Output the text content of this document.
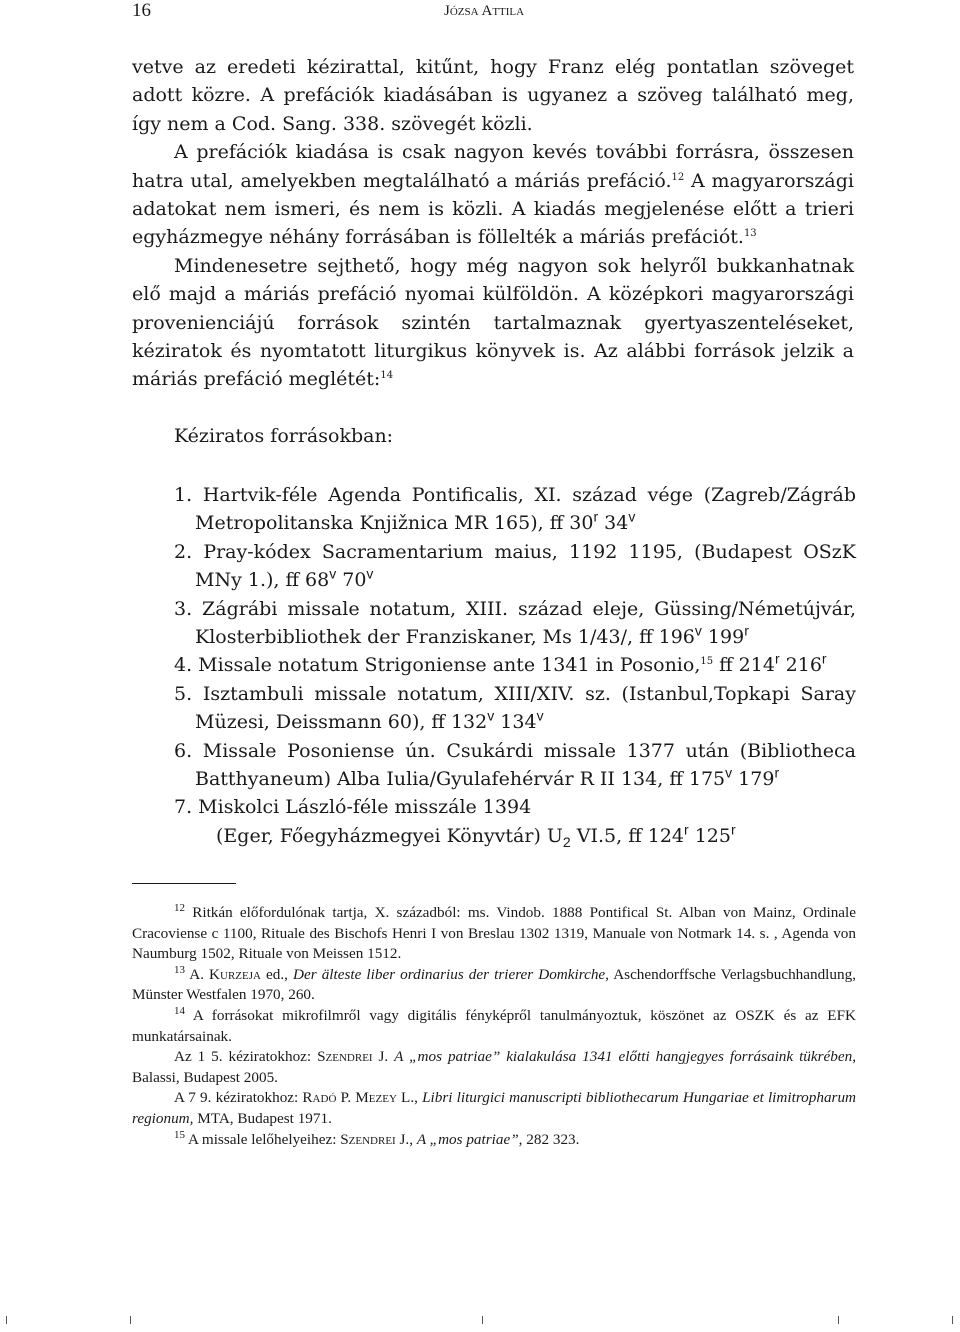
16	Józsa Attila

vetve az eredeti kézirattal, kitűnt, hogy Franz elég pontatlan szöveget adott közre. A prefációk kiadásában is ugyanez a szöveg található meg, így nem a Cod. Sang. 338. szövegét közli.

A prefációk kiadása is csak nagyon kevés további forrásra, összesen hatra utal, amelyekben megtalálható a máriás prefáció.$^{12}$ A magyarországi adatokat nem ismeri, és nem is közli. A kiadás megjelenése előtt a trieri egyházmegye néhány forrásában is föllelték a máriás prefációt.$^{13}$

Mindenesetre sejthető, hogy még nagyon sok helyről bukkanhatnak elő majd a máriás prefáció nyomai külföldön. A középkori magyarországi provenienciájú források szintén tartalmaznak gyertyaszenteléseket, kéziratok és nyomtatott liturgikus könyvek is. Az alábbi források jelzik a máriás prefáció meglétét:$^{14}$

Kéziratos forrásokban:
1. Hartvik-féle Agenda Pontificalis, XI. század vége (Zagreb/Zágráb Metropolitanska Knjižnica MR 165), ff 30$^r$ 34$^v$
2. Pray-kódex Sacramentarium maius, 1192 1195, (Budapest OSzK MNy 1.), ff 68$^v$ 70$^v$
3. Zágrábi missale notatum, XIII. század eleje, Güssing/Németújvár, Klosterbibliothek der Franziskaner, Ms 1/43/, ff 196$^v$ 199$^r$
4. Missale notatum Strigoniense ante 1341 in Posonio,$^{15}$ ff 214$^r$ 216$^r$
5. Isztambuli missale notatum, XIII/XIV. sz. (Istanbul,Topkapi Saray Müzesi, Deissmann 60), ff 132$^v$ 134$^v$
6. Missale Posoniense ún. Csukárdi missale 1377 után (Bibliotheca Batthyaneum) Alba Iulia/Gyulafehérvár R II 134, ff 175$^v$ 179$^r$
7. Miskolci László-féle misszále 1394
(Eger, Főegyházmegyei Könyvtár) $U_2$ VI.5, ff 124$^r$ 125$^r$

$^{12}$ Ritkán előfordulónak tartja, X. századból: ms. Vindob. 1888 Pontifical St. Alban von Mainz, Ordinale Cracoviense c 1100, Rituale des Bischofs Henri I von Breslau 1302 1319, Manuale von Notmark 14. s. , Agenda von Naumburg 1502, Rituale von Meissen 1512.

$^{13}$ A. Kurzeja ed., Der älteste liber ordinarius der trierer Domkirche, Aschendorffsche Verlagsbuchhandlung, Münster Westfalen 1970, 260.

$^{14}$ A forrásokat mikrofilmről vagy digitális fényképről tanulmányoztuk, köszönet az OSZK és az EFK munkatársainak.

Az 1 5. kéziratokhoz: Szendrei J. A „mos patriae” kialakulása 1341 előtti hangjegyes forrásaink tükrében, Balassi, Budapest 2005.

A 7 9. kéziratokhoz: Radó P. Mezey L., Libri liturgici manuscripti bibliothecarum Hungariae et limitropharum regionum, MTA, Budapest 1971.

$^{15}$ A missale lelőhelyeihez: Szendrei J., A „mos patriae”, 282 323.
